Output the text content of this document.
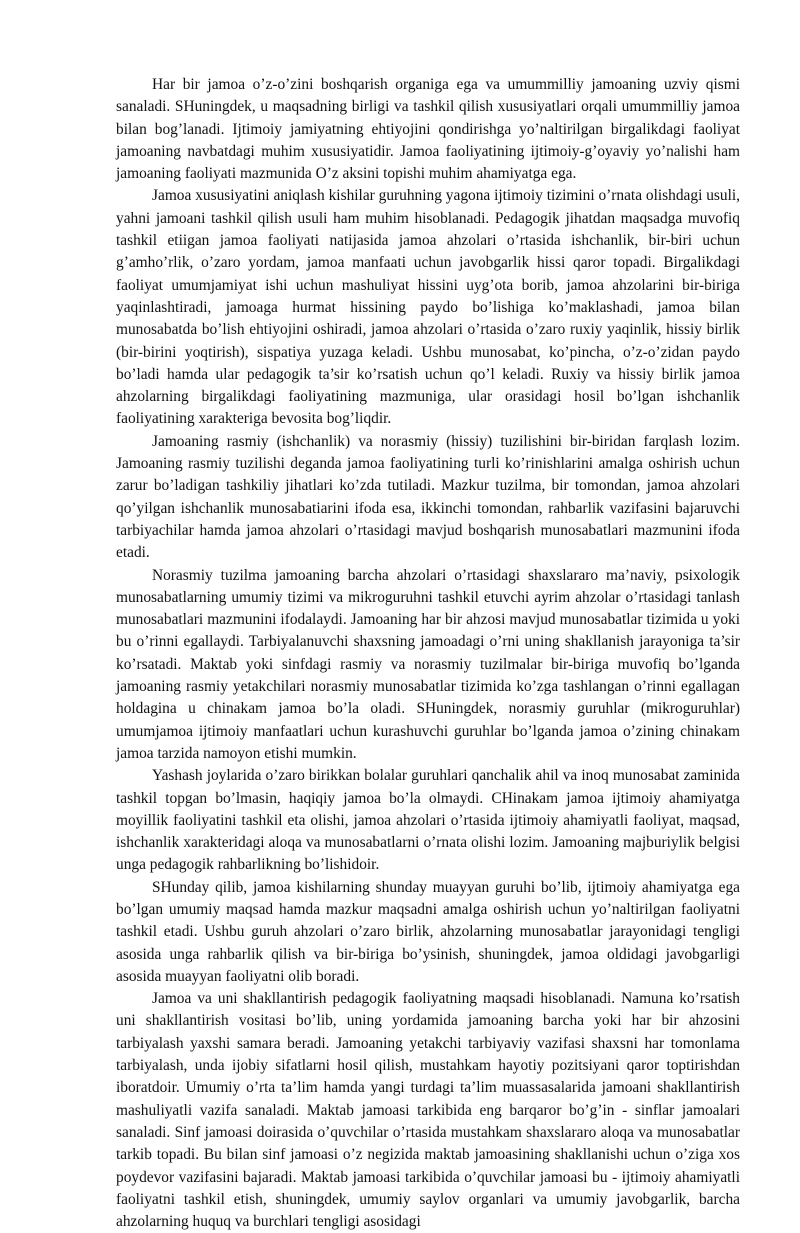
Har bir jamoa o’z-o’zini boshqarish organiga ega va umummilliy jamoaning uzviy qismi sanaladi. SHuningdek, u maqsadning birligi va tashkil qilish xususiyatlari orqali umummilliy jamoa bilan bog’lanadi. Ijtimoiy jamiyatning ehtiyojini qondirishga yo’naltirilgan birgalikdagi faoliyat jamoaning navbatdagi muhim xususiyatidir. Jamoa faoliyatining ijtimoiy-g’oyaviy yo’nalishi ham jamoaning faoliyati mazmunida O’z aksini topishi muhim ahamiyatga ega.

Jamoa xususiyatini aniqlash kishilar guruhning yagona ijtimoiy tizimini o’rnata olishdagi usuli, yahni jamoani tashkil qilish usuli ham muhim hisoblanadi. Pedagogik jihatdan maqsadga muvofiq tashkil etiigan jamoa faoliyati natijasida jamoa ahzolari o’rtasida ishchanlik, bir-biri uchun g’amho’rlik, o’zaro yordam, jamoa manfaati uchun javobgarlik hissi qaror topadi. Birgalikdagi faoliyat umumjamiyat ishi uchun mashuliyat hissini uyg’ota borib, jamoa ahzolarini bir-biriga yaqinlashtiradi, jamoaga hurmat hissining paydo bo’lishiga ko’maklashadi, jamoa bilan munosabatda bo’lish ehtiyojini oshiradi, jamoa ahzolari o’rtasida o’zaro ruxiy yaqinlik, hissiy birlik (bir-birini yoqtirish), sispatiya yuzaga keladi. Ushbu munosabat, ko’pincha, o’z-o’zidan paydo bo’ladi hamda ular pedagogik ta’sir ko’rsatish uchun qo’l keladi. Ruxiy va hissiy birlik jamoa ahzolarning birgalikdagi faoliyatining mazmuniga, ular orasidagi hosil bo’lgan ishchanlik faoliyatining xarakteriga bevosita bog’liqdir.

Jamoaning rasmiy (ishchanlik) va norasmiy (hissiy) tuzilishini bir-biridan farqlash lozim. Jamoaning rasmiy tuzilishi deganda jamoa faoliyatining turli ko’rinishlarini amalga oshirish uchun zarur bo’ladigan tashkiliy jihatlari ko’zda tutiladi. Mazkur tuzilma, bir tomondan, jamoa ahzolari qo’yilgan ishchanlik munosabatiarini ifoda esa, ikkinchi tomondan, rahbarlik vazifasini bajaruvchi tarbiyachilar hamda jamoa ahzolari o’rtasidagi mavjud boshqarish munosabatlari mazmunini ifoda etadi.

Norasmiy tuzilma jamoaning barcha ahzolari o’rtasidagi shaxslararo ma’naviy, psixologik munosabatlarning umumiy tizimi va mikroguruhni tashkil etuvchi ayrim ahzolar o’rtasidagi tanlash munosabatlari mazmunini ifodalaydi. Jamoaning har bir ahzosi mavjud munosabatlar tizimida u yoki bu o’rinni egallaydi. Tarbiyalanuvchi shaxsning jamoadagi o’rni uning shakllanish jarayoniga ta’sir ko’rsatadi. Maktab yoki sinfdagi rasmiy va norasmiy tuzilmalar bir-biriga muvofiq bo’lganda jamoaning rasmiy yetakchilari norasmiy munosabatlar tizimida ko’zga tashlangan o’rinni egallagan holdagina u chinakam jamoa bo’la oladi. SHuningdek, norasmiy guruhlar (mikroguruhlar) umumjamoa ijtimoiy manfaatlari uchun kurashuvchi guruhlar bo’lganda jamoa o’zining chinakam jamoa tarzida namoyon etishi mumkin.

Yashash joylarida o’zaro birikkan bolalar guruhlari qanchalik ahil va inoq munosabat zaminida tashkil topgan bo’lmasin, haqiqiy jamoa bo’la olmaydi. CHinakam jamoa ijtimoiy ahamiyatga moyillik faoliyatini tashkil eta olishi, jamoa ahzolari o’rtasida ijtimoiy ahamiyatli faoliyat, maqsad, ishchanlik xarakteridagi aloqa va munosabatlarni o’rnata olishi lozim. Jamoaning majburiylik belgisi unga pedagogik rahbarlikning bo’lishidoir.

SHunday qilib, jamoa kishilarning shunday muayyan guruhi bo’lib, ijtimoiy ahamiyatga ega bo’lgan umumiy maqsad hamda mazkur maqsadni amalga oshirish uchun yo’naltirilgan faoliyatni tashkil etadi. Ushbu guruh ahzolari o’zaro birlik, ahzolarning munosabatlar jarayonidagi tengligi asosida unga rahbarlik qilish va bir-biriga bo’ysinish, shuningdek, jamoa oldidagi javobgarligi asosida muayyan faoliyatni olib boradi.

Jamoa va uni shakllantirish pedagogik faoliyatning maqsadi hisoblanadi. Namuna ko’rsatish uni shakllantirish vositasi bo’lib, uning yordamida jamoaning barcha yoki har bir ahzosini tarbiyalash yaxshi samara beradi. Jamoaning yetakchi tarbiyaviy vazifasi shaxsni har tomonlama tarbiyalash, unda ijobiy sifatlarni hosil qilish, mustahkam hayotiy pozitsiyani qaror toptirishdan iboratdoir. Umumiy o’rta ta’lim hamda yangi turdagi ta’lim muassasalarida jamoani shakllantirish mashuliyatli vazifa sanaladi. Maktab jamoasi tarkibida eng barqaror bo’g’in - sinflar jamoalari sanaladi. Sinf jamoasi doirasida o’quvchilar o’rtasida mustahkam shaxslararo aloqa va munosabatlar tarkib topadi. Bu bilan sinf jamoasi o’z negizida maktab jamoasining shakllanishi uchun o’ziga xos poydevor vazifasini bajaradi. Maktab jamoasi tarkibida o’quvchilar jamoasi bu - ijtimoiy ahamiyatli faoliyatni tashkil etish, shuningdek, umumiy saylov organlari va umumiy javobgarlik, barcha ahzolarning huquq va burchlari tengligi asosidagi
